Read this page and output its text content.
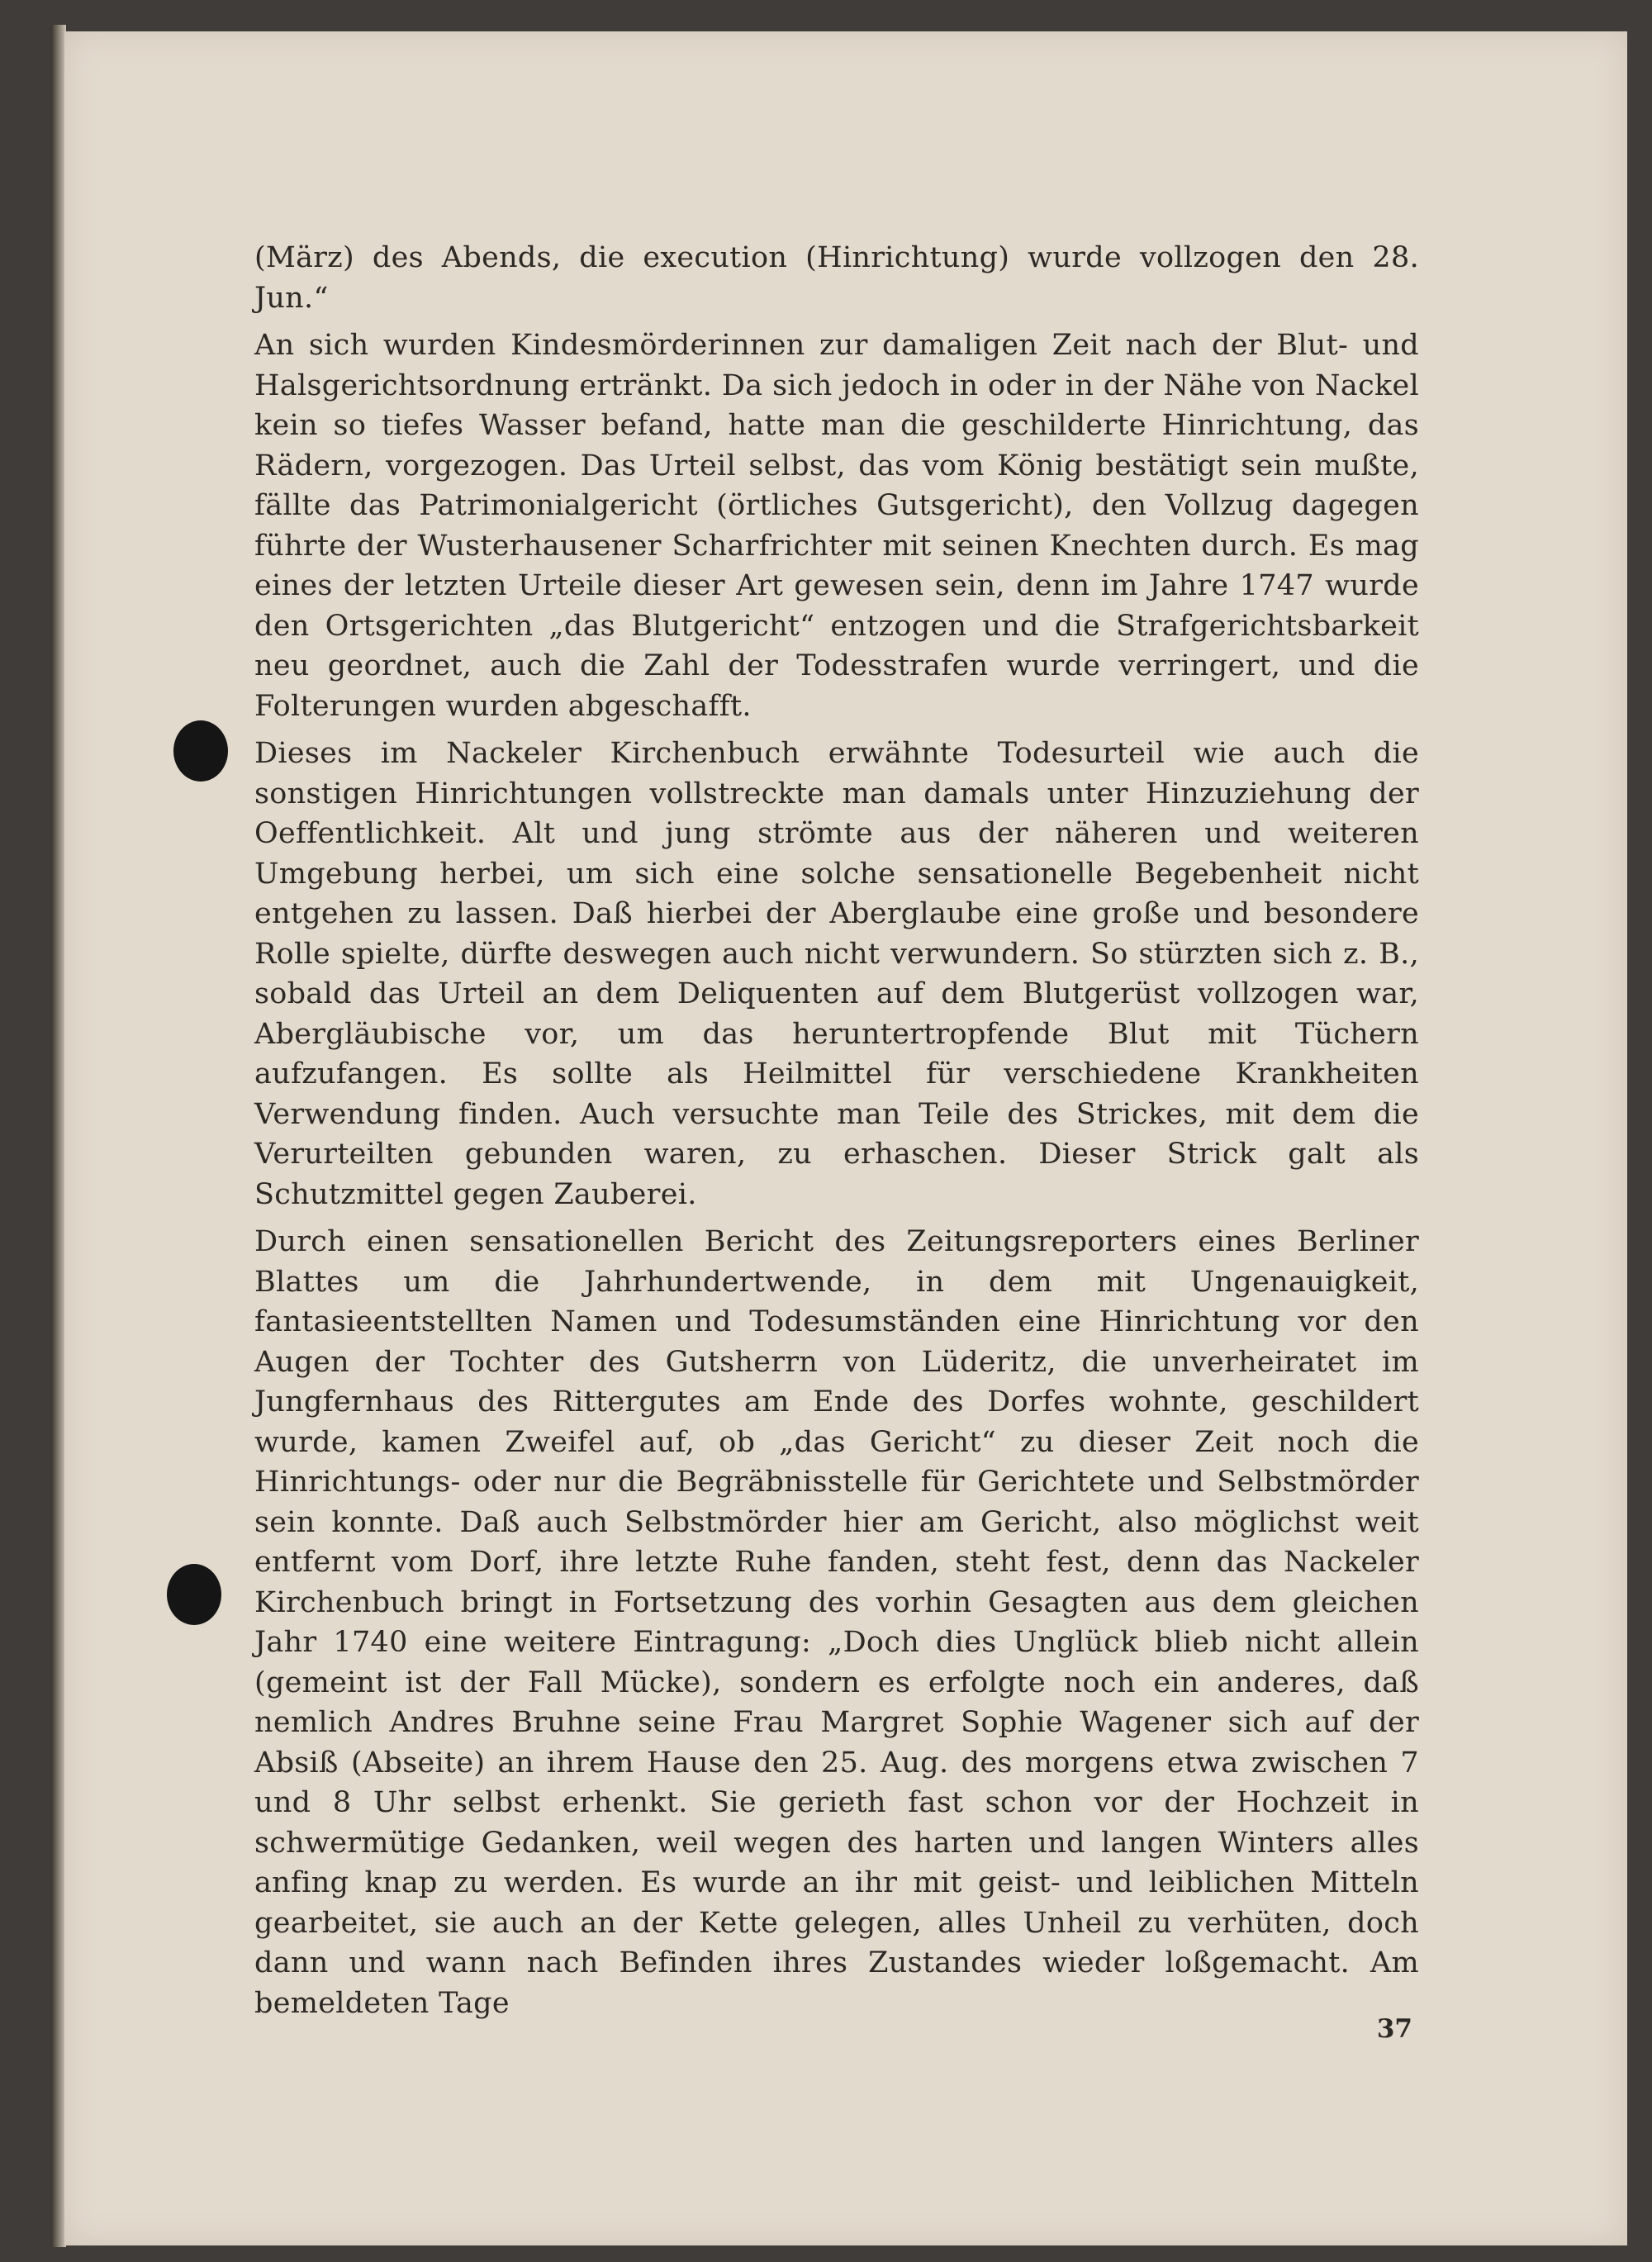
(März) des Abends, die execution (Hinrichtung) wurde vollzogen den 28. Jun.“

An sich wurden Kindesmörderinnen zur damaligen Zeit nach der Blut- und Halsgerichtsordnung ertränkt. Da sich jedoch in oder in der Nähe von Nackel kein so tiefes Wasser befand, hatte man die geschilderte Hinrichtung, das Rädern, vorgezogen. Das Urteil selbst, das vom König bestätigt sein mußte, fällte das Patrimonialgericht (örtliches Gutsgericht), den Vollzug dagegen führte der Wusterhausener Scharfrichter mit seinen Knechten durch. Es mag eines der letzten Urteile dieser Art gewesen sein, denn im Jahre 1747 wurde den Ortsgerichten „das Blutgericht“ entzogen und die Strafgerichtsbarkeit neu geordnet, auch die Zahl der Todesstrafen wurde verringert, und die Folterungen wurden abgeschafft.

Dieses im Nackeler Kirchenbuch erwähnte Todesurteil wie auch die sonstigen Hinrichtungen vollstreckte man damals unter Hinzuziehung der Oeffentlichkeit. Alt und jung strömte aus der näheren und weiteren Umgebung herbei, um sich eine solche sensationelle Begebenheit nicht entgehen zu lassen. Daß hierbei der Aberglaube eine große und besondere Rolle spielte, dürfte deswegen auch nicht verwundern. So stürzten sich z. B., sobald das Urteil an dem Deliquenten auf dem Blutgerüst vollzogen war, Abergläubische vor, um das heruntertropfende Blut mit Tüchern aufzufangen. Es sollte als Heilmittel für verschiedene Krankheiten Verwendung finden. Auch versuchte man Teile des Strickes, mit dem die Verurteilten gebunden waren, zu erhaschen. Dieser Strick galt als Schutzmittel gegen Zauberei.

Durch einen sensationellen Bericht des Zeitungsreporters eines Berliner Blattes um die Jahrhundertwende, in dem mit Ungenauigkeit, fantasieentstellten Namen und Todesumständen eine Hinrichtung vor den Augen der Tochter des Gutsherrn von Lüderitz, die unverheiratet im Jungfernhaus des Rittergutes am Ende des Dorfes wohnte, geschildert wurde, kamen Zweifel auf, ob „das Gericht“ zu dieser Zeit noch die Hinrichtungs- oder nur die Begräbnisstelle für Gerichtete und Selbstmörder sein konnte. Daß auch Selbstmörder hier am Gericht, also möglichst weit entfernt vom Dorf, ihre letzte Ruhe fanden, steht fest, denn das Nackeler Kirchenbuch bringt in Fortsetzung des vorhin Gesagten aus dem gleichen Jahr 1740 eine weitere Eintragung: „Doch dies Unglück blieb nicht allein (gemeint ist der Fall Mücke), sondern es erfolgte noch ein anderes, daß nemlich Andres Bruhne seine Frau Margret Sophie Wagener sich auf der Absiß (Abseite) an ihrem Hause den 25. Aug. des morgens etwa zwischen 7 und 8 Uhr selbst erhenkt. Sie gerieth fast schon vor der Hochzeit in schwermütige Gedanken, weil wegen des harten und langen Winters alles anfing knap zu werden. Es wurde an ihr mit geist- und leiblichen Mitteln gearbeitet, sie auch an der Kette gelegen, alles Unheil zu verhüten, doch dann und wann nach Befinden ihres Zustandes wieder loßgemacht. Am bemeldeten Tage

37
